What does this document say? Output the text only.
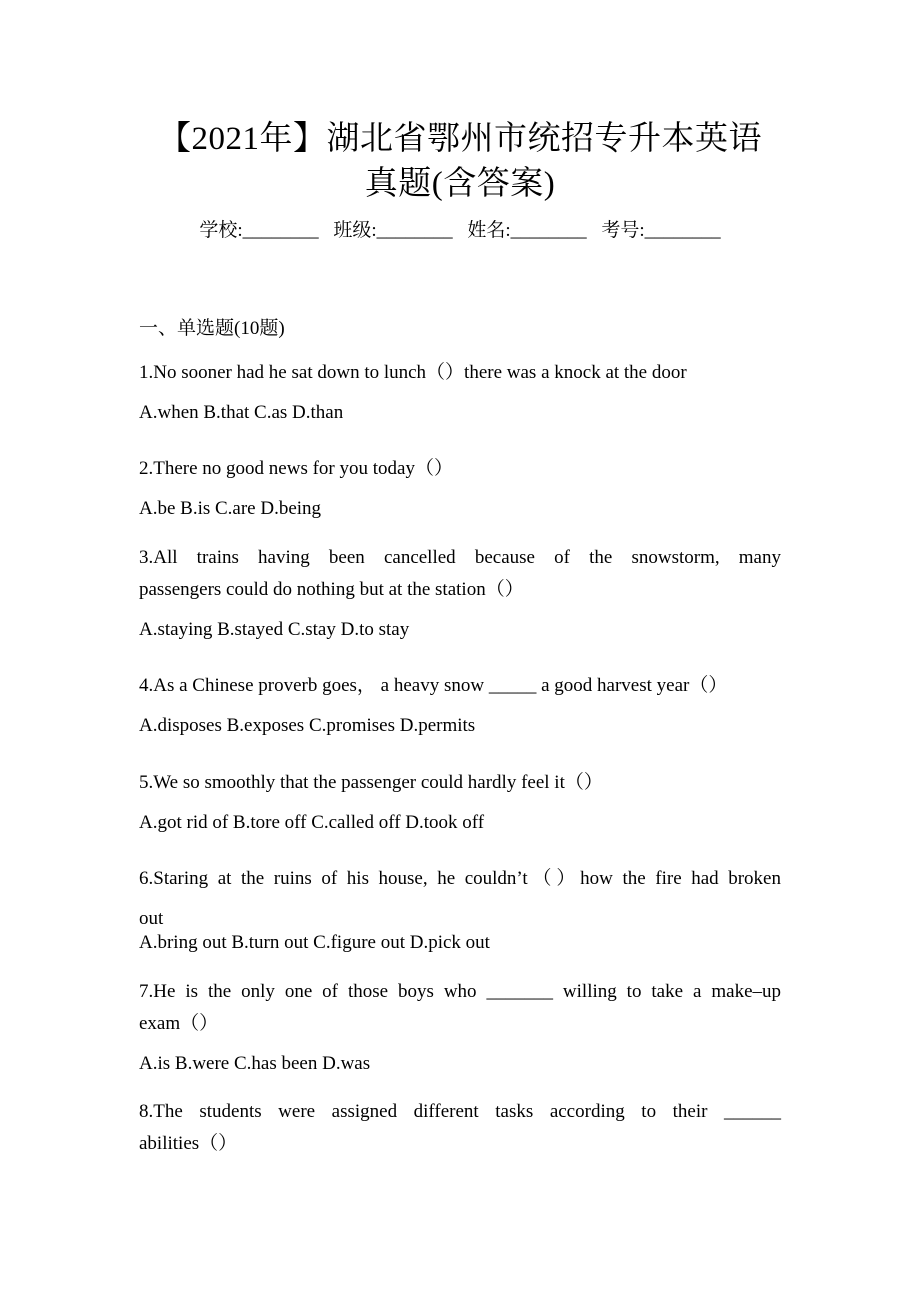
【2021年】湖北省鄂州市统招专升本英语
真题(含答案)
学校:________ 班级:________ 姓名:________ 考号:________
一、单选题(10题)
1.No sooner had he sat down to lunch（）there was a knock at the door
A.when B.that C.as D.than
2.There no good news for you today（）
A.be B.is C.are D.being
3.All trains having been cancelled because of the snowstorm, many
passengers could do nothing but at the station（）
A.staying B.stayed C.stay D.to stay
4.As a Chinese proverb goes， a heavy snow _____ a good harvest year（）
A.disposes B.exposes C.promises D.permits
5.We so smoothly that the passenger could hardly feel it（）
A.got rid of B.tore off C.called off D.took off
6.Staring at the ruins of his house, he couldn’t（）how the fire had broken
out
A.bring out B.turn out C.figure out D.pick out
7.He is the only one of those boys who _______ willing to take a make–up
exam（）
A.is B.were C.has been D.was
8.The students were assigned different tasks according to their ______
abilities（）
